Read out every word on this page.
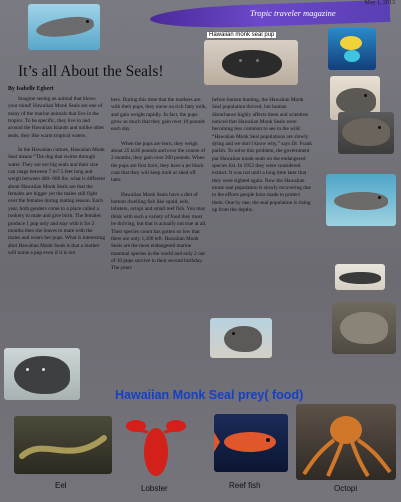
Tropic traveler magazine
May 1, 2013
Hawaiian monk seal pup
It’s all About the Seals!
By Isabelle Egbert

Imagine seeing an animal that blows your mind! Hawaiian Monk Seals are one of many of the marine animals that live in the tropics. To be specific, they live in and around the Hawaiian Islands and unlike other seals, they like warm tropical waters.

In the Hawaiian culture, Hawaiian Monk Seal means “The dog that swims through water. They are not big seals and their size can range between 7 to7.5 feet long and weigh between 400- 600 lbs. what is different about Hawaiian Monk Seals are that the females are bigger yet the males still fight over the females during mating season. Each year, both genders come to a place called a rookery to mate and give birth. The females produce 1 pup only and stay with it for 2 months then she leaves to mate with the males and wears her pups. What is interesting abut Hawaiian Monk Seals is that a mother will nurse a pup even if it is not

hers. During this time that the mothers are with their pups, they nurse on rich fatty milk, and gain weight rapidly. In fact, the pups grow as much that they gain over 10 pounds each day.

When the pups are born, they weigh about 25 to30 pounds and over the course of 2 months, they gain over 200 pounds. When the pups are first born, they have a jet black coat that they will keep molt or shed off later.

Hawaiian Monk Seals have a diet of bottom dwelling fish like squid, eels, lobsters, octopi and small reef fish. You may think with such a variety of food they must be thriving, but that is actually not true at all. Their species count has gotten so low that there are only 1,300 left. Hawaiian Monk Seals are the most endangered marine mammal species in the world and only 2 out of 10 pups survive to their second birthday. The years

before human hunting, the Hawaiian Monk Seal population thrived, but human disturbance highly affects them and scientists noticed that Hawaiian Monk Seals were becoming less common to see in the wild. “Hawaiian Monk Seal populations are slowly dying and we don’t know why,” says Dr. Frank parish. To solve this problem, the government put Hawaiian monk seals on the endangered species list. In 1952 they were considered extinct. It was not until a long time later that they were sighted again. Now the Hawaiian monk seal population is slowly recovering due to the efforts people have made to protect them. One by one, the seal population is rising up from the depths.

Hawaiian Monk Seal prey( food)
Eel	Lobster	Reef fish	Octopi
